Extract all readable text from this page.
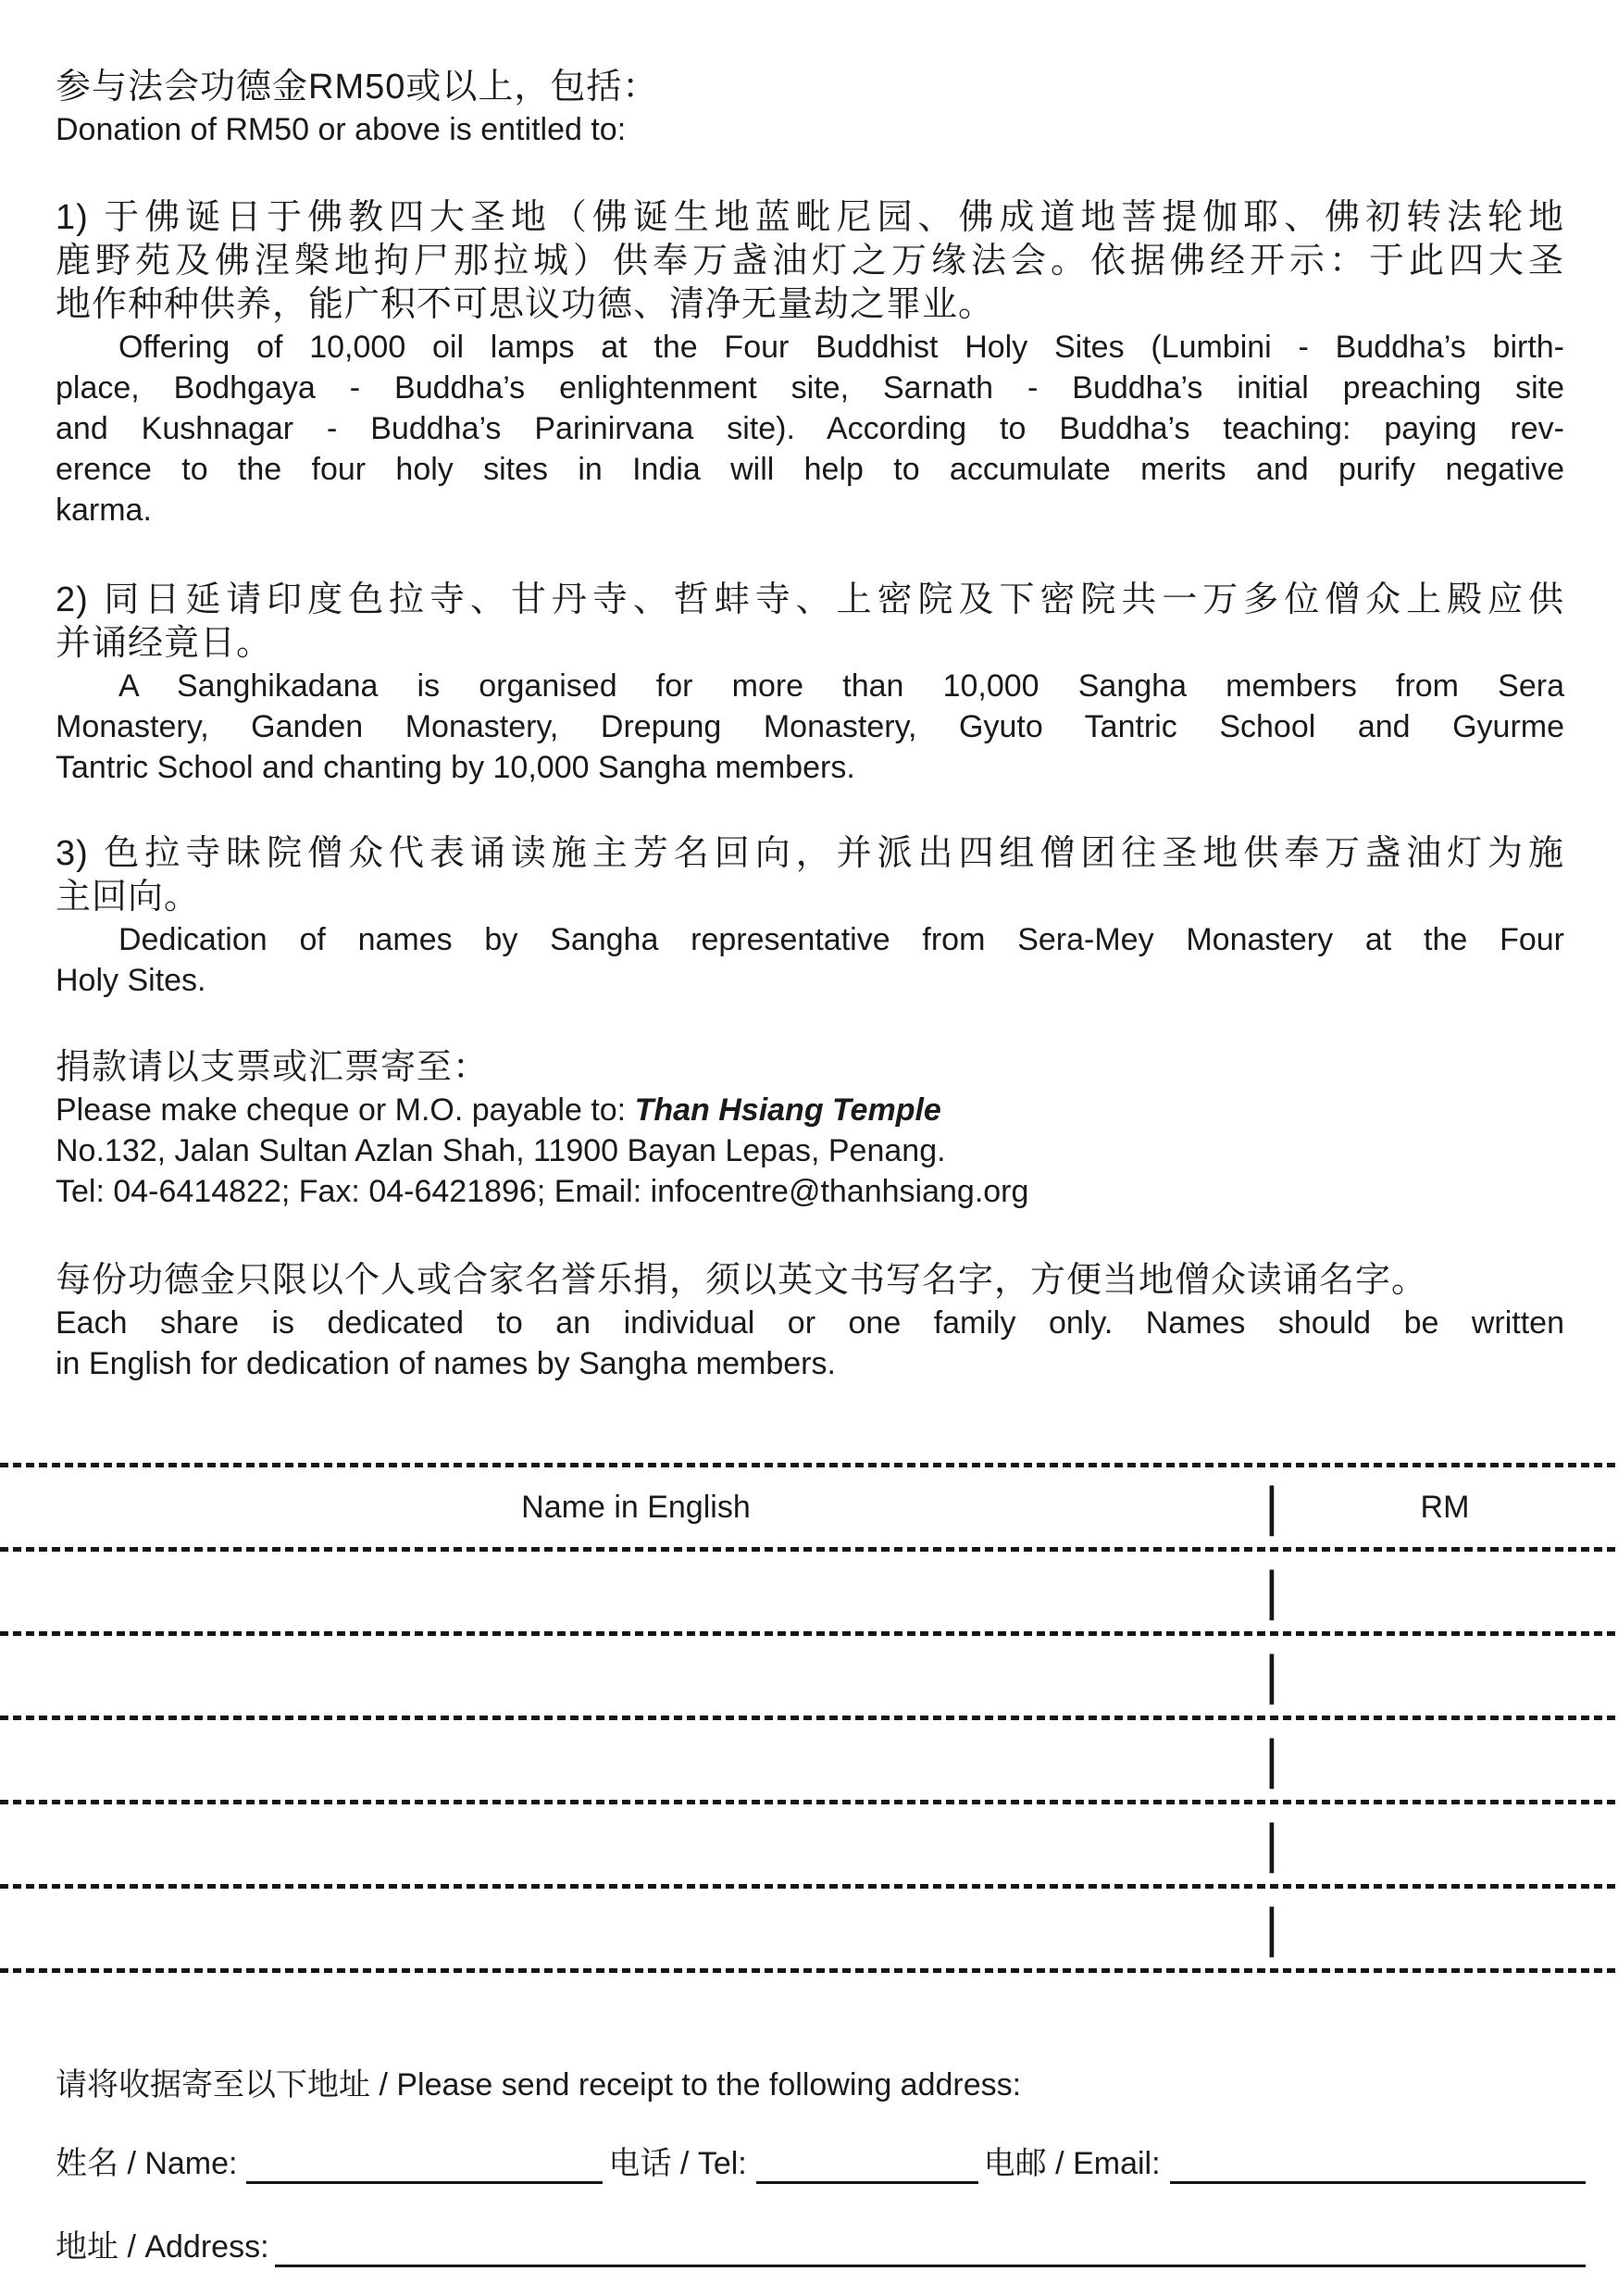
参与法会功德金RM50或以上，包括：
Donation of RM50 or above is entitled to:
1) 于佛诞日于佛教四大圣地（佛诞生地蓝毗尼园、佛成道地菩提伽耶、佛初转法轮地
鹿野苑及佛涅槃地拘尸那拉城）供奉万盏油灯之万缘法会。依据佛经开示：于此四大圣
地作种种供养，能广积不可思议功德、清净无量劫之罪业。
Offering of 10,000 oil lamps at the Four Buddhist Holy Sites (Lumbini - Buddha’s birth-
place, Bodhgaya - Buddha’s enlightenment site, Sarnath - Buddha’s initial preaching site
and Kushnagar - Buddha’s Parinirvana site). According to Buddha’s teaching: paying rev-
erence to the four holy sites in India will help to accumulate merits and purify negative
karma.
2) 同日延请印度色拉寺、甘丹寺、哲蚌寺、上密院及下密院共一万多位僧众上殿应供
并诵经竟日。
A Sanghikadana is organised for more than 10,000 Sangha members from Sera
Monastery, Ganden Monastery, Drepung Monastery, Gyuto Tantric School and Gyurme
Tantric School and chanting by 10,000 Sangha members.
3) 色拉寺昧院僧众代表诵读施主芳名回向，并派出四组僧团往圣地供奉万盏油灯为施
主回向。
Dedication of names by Sangha representative from Sera-Mey Monastery at the Four
Holy Sites.
捐款请以支票或汇票寄至：
Please make cheque or M.O. payable to: Than Hsiang Temple
No.132, Jalan Sultan Azlan Shah, 11900 Bayan Lepas, Penang.
Tel: 04-6414822; Fax: 04-6421896; Email: infocentre@thanhsiang.org
每份功德金只限以个人或合家名誉乐捐，须以英文书写名字，方便当地僧众读诵名字。
Each share is dedicated to an individual or one family only. Names should be written
in English for dedication of names by Sangha members.
Name in English	|	RM
|
|
|
|
|
请将收据寄至以下地址 / Please send receipt to the following address:
姓名 / Name:	电话 / Tel:	电邮 / Email:
地址 / Address:
